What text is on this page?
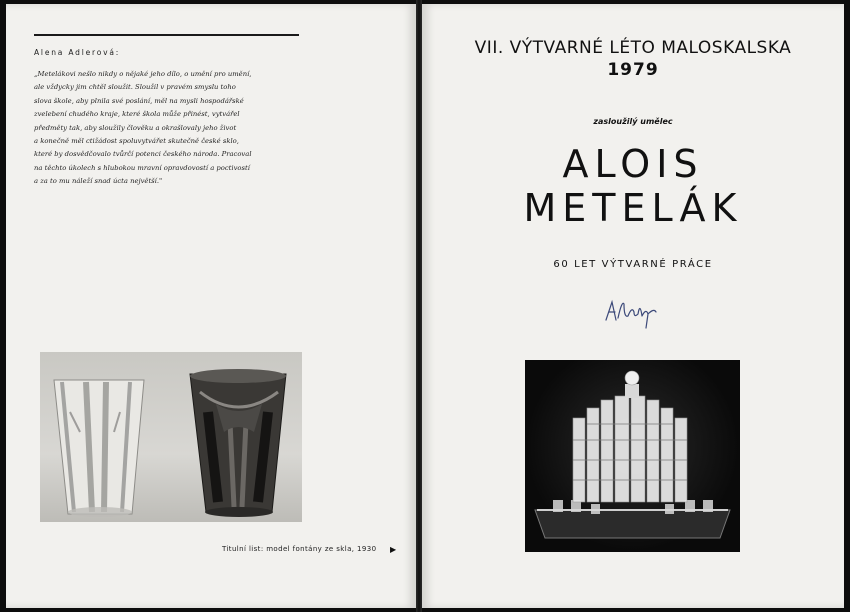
Alena Adlerová:

„Metelákovi nešlo nikdy o nějaké jeho dílo, o umění pro umění,
ale vždycky jim chtěl sloužit. Sloužil v pravém smyslu toho
slova škole, aby plnila své poslání, měl na mysli hospodářské
zvelebení chudého kraje, které škola může přinést, vytvářel
předměty tak, aby sloužily člověku a okrašlovaly jeho život
a konečně měl ctižádost spoluvytvářet skutečně české sklo,
které by dosvědčovalo tvůrčí potenci českého národa. Pracoval
na těchto úkolech s hlubokou mravní opravdovostí a poctivostí
a za to mu náleží snad úcta největší."

Titulní list: model fontány ze skla, 1930 ▶
VII. VÝTVARNÉ LÉTO MALOSKALSKA
1979
zasloužilý umělec
ALOIS
METELÁK
60 LET VÝTVARNÉ PRÁCE
